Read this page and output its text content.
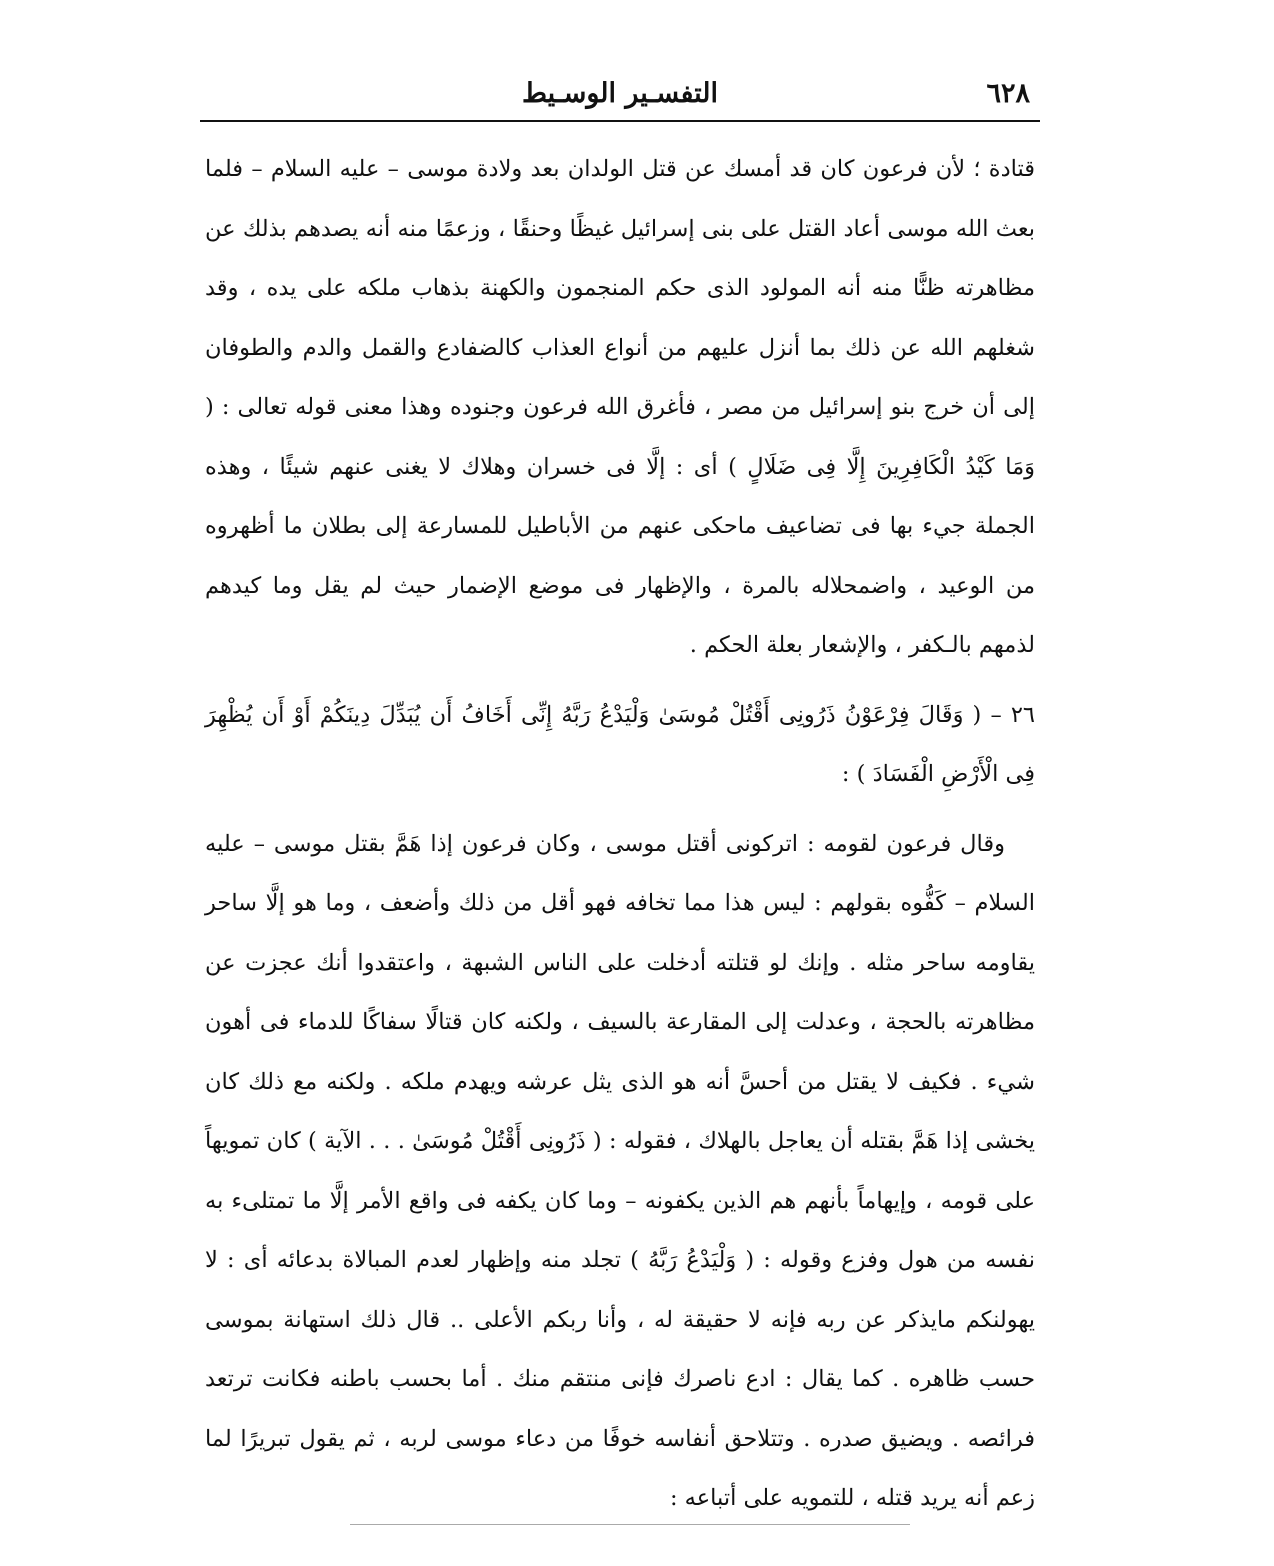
٦٢٨
التفسـير الوسـيط

قتادة ؛ لأن فرعون كان قد أمسك عن قتل الولدان بعد ولادة موسى – عليه السلام – فلما بعث الله موسى أعاد القتل على بنى إسرائيل غيظًا وحنقًا ، وزعمًا منه أنه يصدهم بذلك عن مظاهرته ظنًّا منه أنه المولود الذى حكم المنجمون والكهنة بذهاب ملكه على يده ، وقد شغلهم الله عن ذلك بما أنزل عليهم من أنواع العذاب كالضفادع والقمل والدم والطوفان إلى أن خرج بنو إسرائيل من مصر ، فأغرق الله فرعون وجنوده وهذا معنى قوله تعالى : ( وَمَا كَيْدُ الْكَافِرِينَ إِلَّا فِى ضَلَالٍ ) أى : إلَّا فى خسران وهلاك لا يغنى عنهم شيئًا ، وهذه الجملة جيء بها فى تضاعيف ماحكى عنهم من الأباطيل للمسارعة إلى بطلان ما أظهروه من الوعيد ، واضمحلاله بالمرة ، والإظهار فى موضع الإضمار حيث لم يقل وما كيدهم لذمهم بالـكفر ، والإشعار بعلة الحكم .

٢٦ – ( وَقَالَ فِرْعَوْنُ ذَرُونِى أَقْتُلْ مُوسَىٰ وَلْيَدْعُ رَبَّهُ إِنِّى أَخَافُ أَن يُبَدِّلَ دِينَكُمْ أَوْ أَن يُظْهِرَ فِى الْأَرْضِ الْفَسَادَ ) :

وقال فرعون لقومه : اتركونى أقتل موسى ، وكان فرعون إذا هَمَّ بقتل موسى – عليه السلام – كَفُّوه بقولهم : ليس هذا مما تخافه فهو أقل من ذلك وأضعف ، وما هو إلَّا ساحر يقاومه ساحر مثله . وإنك لو قتلته أدخلت على الناس الشبهة ، واعتقدوا أنك عجزت عن مظاهرته بالحجة ، وعدلت إلى المقارعة بالسيف ، ولكنه كان قتالًا سفاكًا للدماء فى أهون شيء . فكيف لا يقتل من أحسَّ أنه هو الذى يثل عرشه ويهدم ملكه . ولكنه مع ذلك كان يخشى إذا هَمَّ بقتله أن يعاجل بالهلاك ، فقوله : ( ذَرُونِى أَقْتُلْ مُوسَىٰ . . . الآية ) كان تمويهاً على قومه ، وإيهاماً بأنهم هم الذين يكفونه – وما كان يكفه فى واقع الأمر إلَّا ما تمتلىء به نفسه من هول وفزع وقوله : ( وَلْيَدْعُ رَبَّهُ ) تجلد منه وإظهار لعدم المبالاة بدعائه أى : لا يهولنكم مايذكر عن ربه فإنه لا حقيقة له ، وأنا ربكم الأعلى .. قال ذلك استهانة بموسى حسب ظاهره . كما يقال : ادع ناصرك فإنى منتقم منك . أما بحسب باطنه فكانت ترتعد فرائصه . ويضيق صدره . وتتلاحق أنفاسه خوفًا من دعاء موسى لربه ، ثم يقول تبريرًا لما زعم أنه يريد قتله ، للتمويه على أتباعه :
